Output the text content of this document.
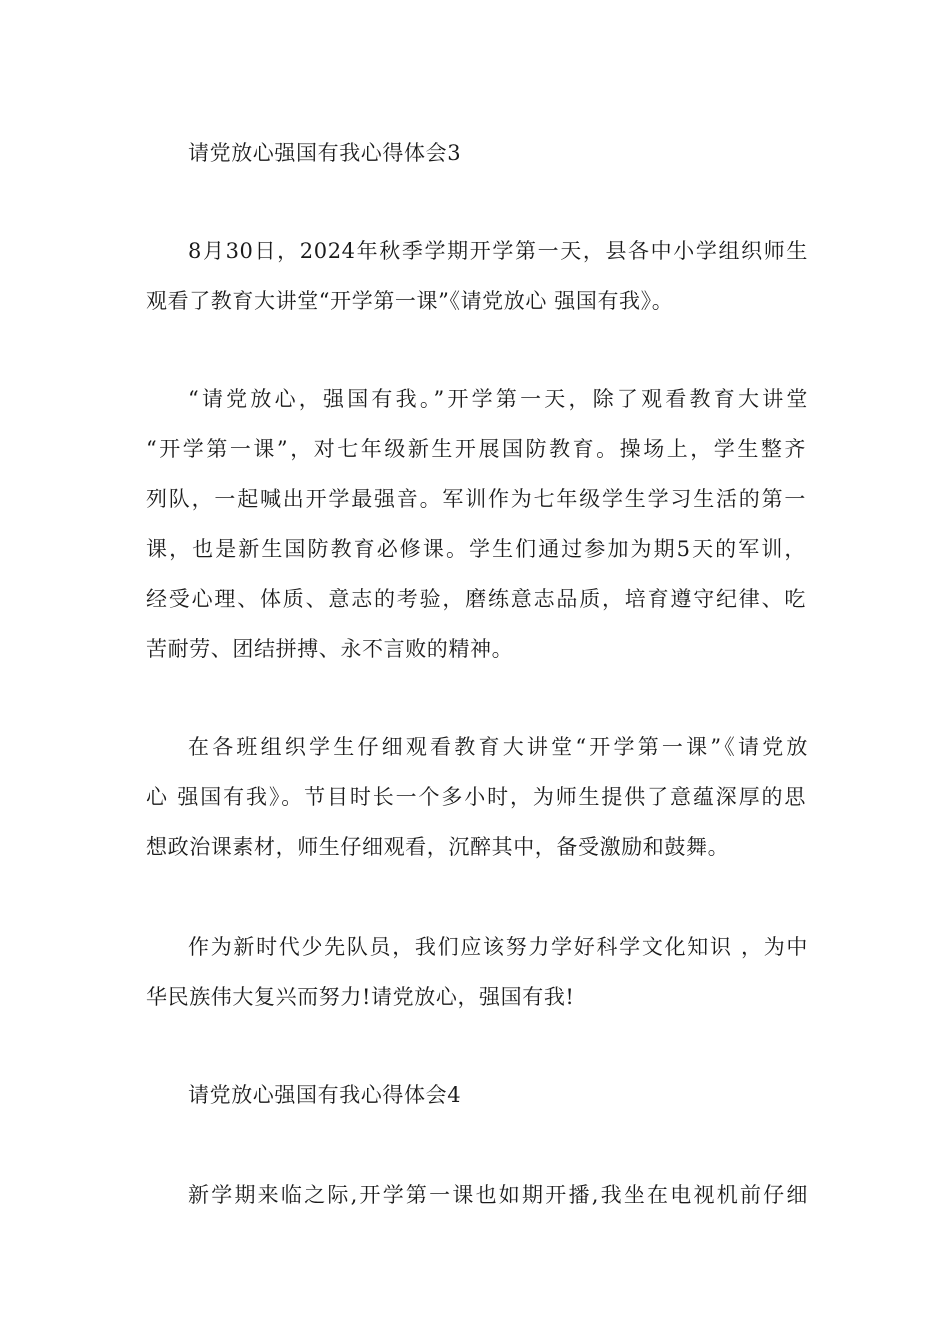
请党放心强国有我心得体会3
8月30日，2024年秋季学期开学第一天，县各中小学组织师生
观看了教育大讲堂“开学第一课”《请党放心 强国有我》。
“请党放心，强国有我。”开学第一天，除了观看教育大讲堂
“开学第一课”，对七年级新生开展国防教育。操场上，学生整齐
列队，一起喊出开学最强音。军训作为七年级学生学习生活的第一
课，也是新生国防教育必修课。学生们通过参加为期5天的军训，
经受心理、体质、意志的考验，磨练意志品质，培育遵守纪律、吃
苦耐劳、团结拼搏、永不言败的精神。
在各班组织学生仔细观看教育大讲堂“开学第一课”《请党放
心 强国有我》。节目时长一个多小时，为师生提供了意蕴深厚的思
想政治课素材，师生仔细观看，沉醉其中，备受激励和鼓舞。
作为新时代少先队员，我们应该努力学好科学文化知识 ，为中
华民族伟大复兴而努力!请党放心，强国有我!
请党放心强国有我心得体会4
新学期来临之际,开学第一课也如期开播,我坐在电视机前仔细
